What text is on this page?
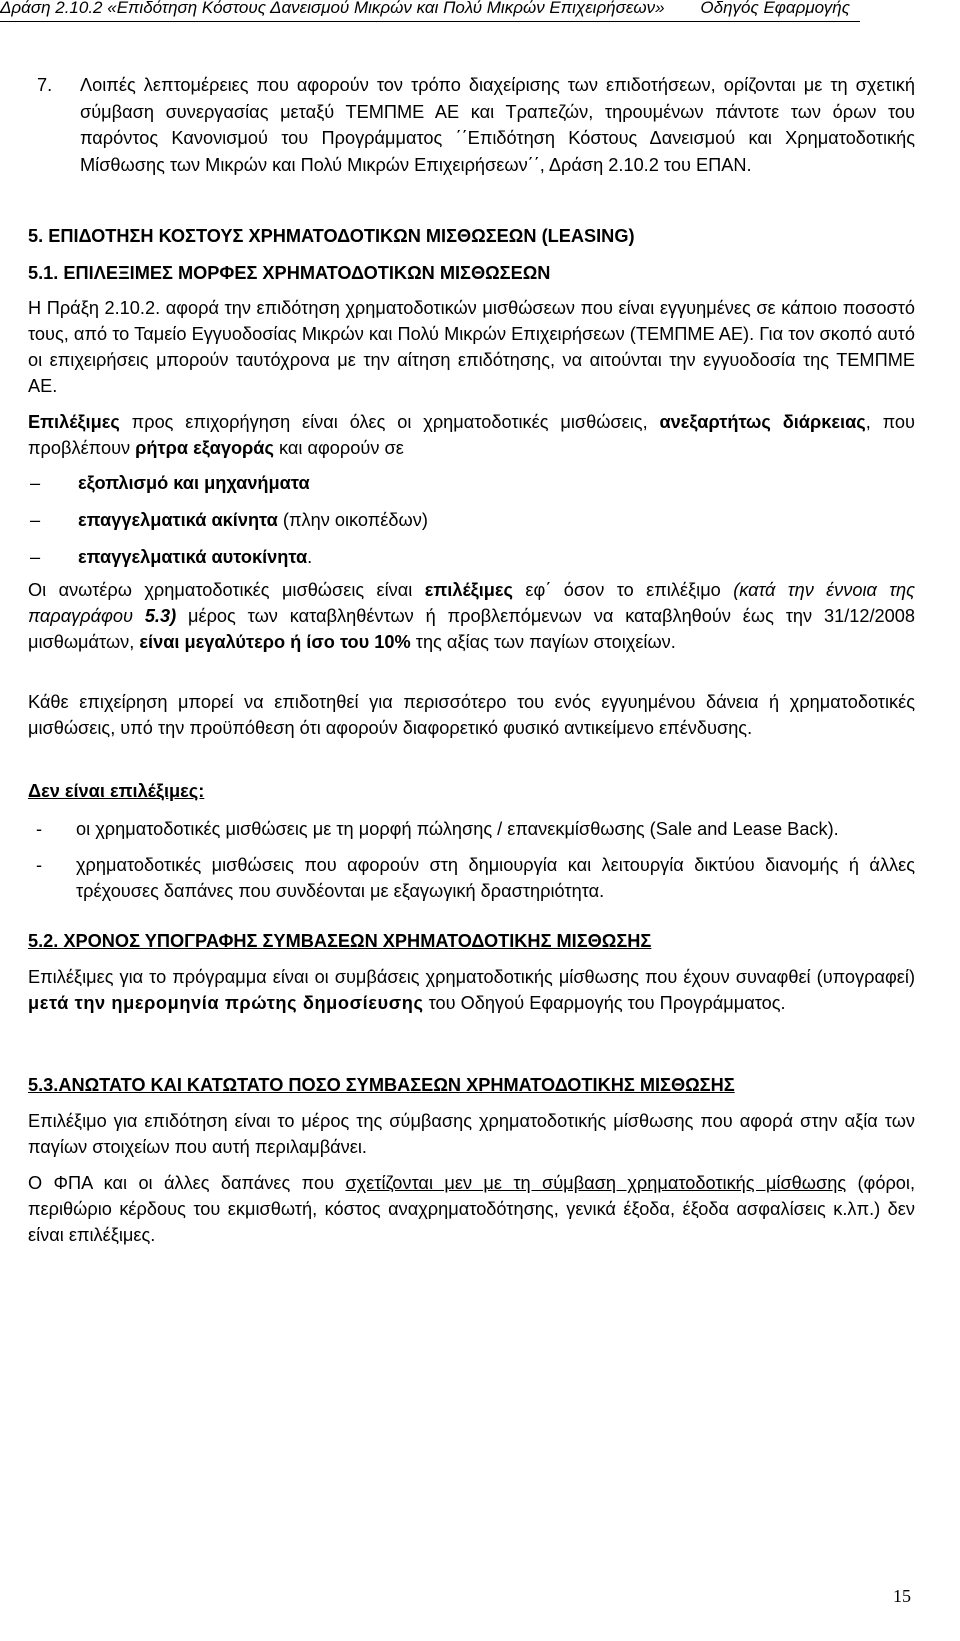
Δράση 2.10.2 «Επιδότηση Κόστους Δανεισμού Μικρών και Πολύ Μικρών Επιχειρήσεων» Οδηγός Εφαρμογής

7. Λοιπές λεπτομέρειες που αφορούν τον τρόπο διαχείρισης των επιδοτήσεων, ορίζονται με τη σχετική σύμβαση συνεργασίας μεταξύ ΤΕΜΠΜΕ ΑΕ και Τραπεζών, τηρουμένων πάντοτε των όρων του παρόντος Κανονισμού του Προγράμματος ΄΄Επιδότηση Κόστους Δανεισμού και Χρηματοδοτικής Μίσθωσης των Μικρών και Πολύ Μικρών Επιχειρήσεων΄΄, Δράση 2.10.2 του ΕΠΑΝ.

5. ΕΠΙΔΟΤΗΣΗ ΚΟΣΤΟΥΣ ΧΡΗΜΑΤΟΔΟΤΙΚΩΝ ΜΙΣΘΩΣΕΩΝ (LEASING)

5.1. ΕΠΙΛΕΞΙΜΕΣ ΜΟΡΦΕΣ ΧΡΗΜΑΤΟΔΟΤΙΚΩΝ ΜΙΣΘΩΣΕΩΝ

Η Πράξη 2.10.2. αφορά την επιδότηση χρηματοδοτικών μισθώσεων που είναι εγγυημένες σε κάποιο ποσοστό τους, από το Ταμείο Εγγυοδοσίας Μικρών και Πολύ Μικρών Επιχειρήσεων (ΤΕΜΠΜΕ ΑΕ). Για τον σκοπό αυτό οι επιχειρήσεις μπορούν ταυτόχρονα με την αίτηση επιδότησης, να αιτούνται την εγγυοδοσία της ΤΕΜΠΜΕ ΑΕ.

Επιλέξιμες προς επιχορήγηση είναι όλες οι χρηματοδοτικές μισθώσεις, ανεξαρτήτως διάρκειας, που προβλέπουν ρήτρα εξαγοράς και αφορούν σε

– εξοπλισμό και μηχανήματα
– επαγγελματικά ακίνητα (πλην οικοπέδων)
– επαγγελματικά αυτοκίνητα.

Οι ανωτέρω χρηματοδοτικές μισθώσεις είναι επιλέξιμες εφ΄ όσον το επιλέξιμο (κατά την έννοια της παραγράφου 5.3) μέρος των καταβληθέντων ή προβλεπόμενων να καταβληθούν έως την 31/12/2008 μισθωμάτων, είναι μεγαλύτερο ή ίσο του 10% της αξίας των παγίων στοιχείων.

Κάθε επιχείρηση μπορεί να επιδοτηθεί για περισσότερο του ενός εγγυημένου δάνεια ή χρηματοδοτικές μισθώσεις, υπό την προϋπόθεση ότι αφορούν διαφορετικό φυσικό αντικείμενο επένδυσης.

Δεν είναι επιλέξιμες:

- οι χρηματοδοτικές μισθώσεις με τη μορφή πώλησης / επανεκμίσθωσης (Sale and Lease Back).
- χρηματοδοτικές μισθώσεις που αφορούν στη δημιουργία και λειτουργία δικτύου διανομής ή άλλες τρέχουσες δαπάνες που συνδέονται με εξαγωγική δραστηριότητα.

5.2. ΧΡΟΝΟΣ ΥΠΟΓΡΑΦΗΣ ΣΥΜΒΑΣΕΩΝ ΧΡΗΜΑΤΟΔΟΤΙΚΗΣ ΜΙΣΘΩΣΗΣ

Επιλέξιμες για το πρόγραμμα είναι οι συμβάσεις χρηματοδοτικής μίσθωσης που έχουν συναφθεί (υπογραφεί) μετά την ημερομηνία πρώτης δημοσίευσης του Οδηγού Εφαρμογής του Προγράμματος.

5.3.ΑΝΩΤΑΤΟ ΚΑΙ ΚΑΤΩΤΑΤΟ ΠΟΣΟ ΣΥΜΒΑΣΕΩΝ ΧΡΗΜΑΤΟΔΟΤΙΚΗΣ ΜΙΣΘΩΣΗΣ

Επιλέξιμο για επιδότηση είναι το μέρος της σύμβασης χρηματοδοτικής μίσθωσης που αφορά στην αξία των παγίων στοιχείων που αυτή περιλαμβάνει.

Ο ΦΠΑ και οι άλλες δαπάνες που σχετίζονται μεν με τη σύμβαση χρηματοδοτικής μίσθωσης (φόροι, περιθώριο κέρδους του εκμισθωτή, κόστος αναχρηματοδότησης, γενικά έξοδα, έξοδα ασφαλίσεις κ.λπ.) δεν είναι επιλέξιμες.

15
